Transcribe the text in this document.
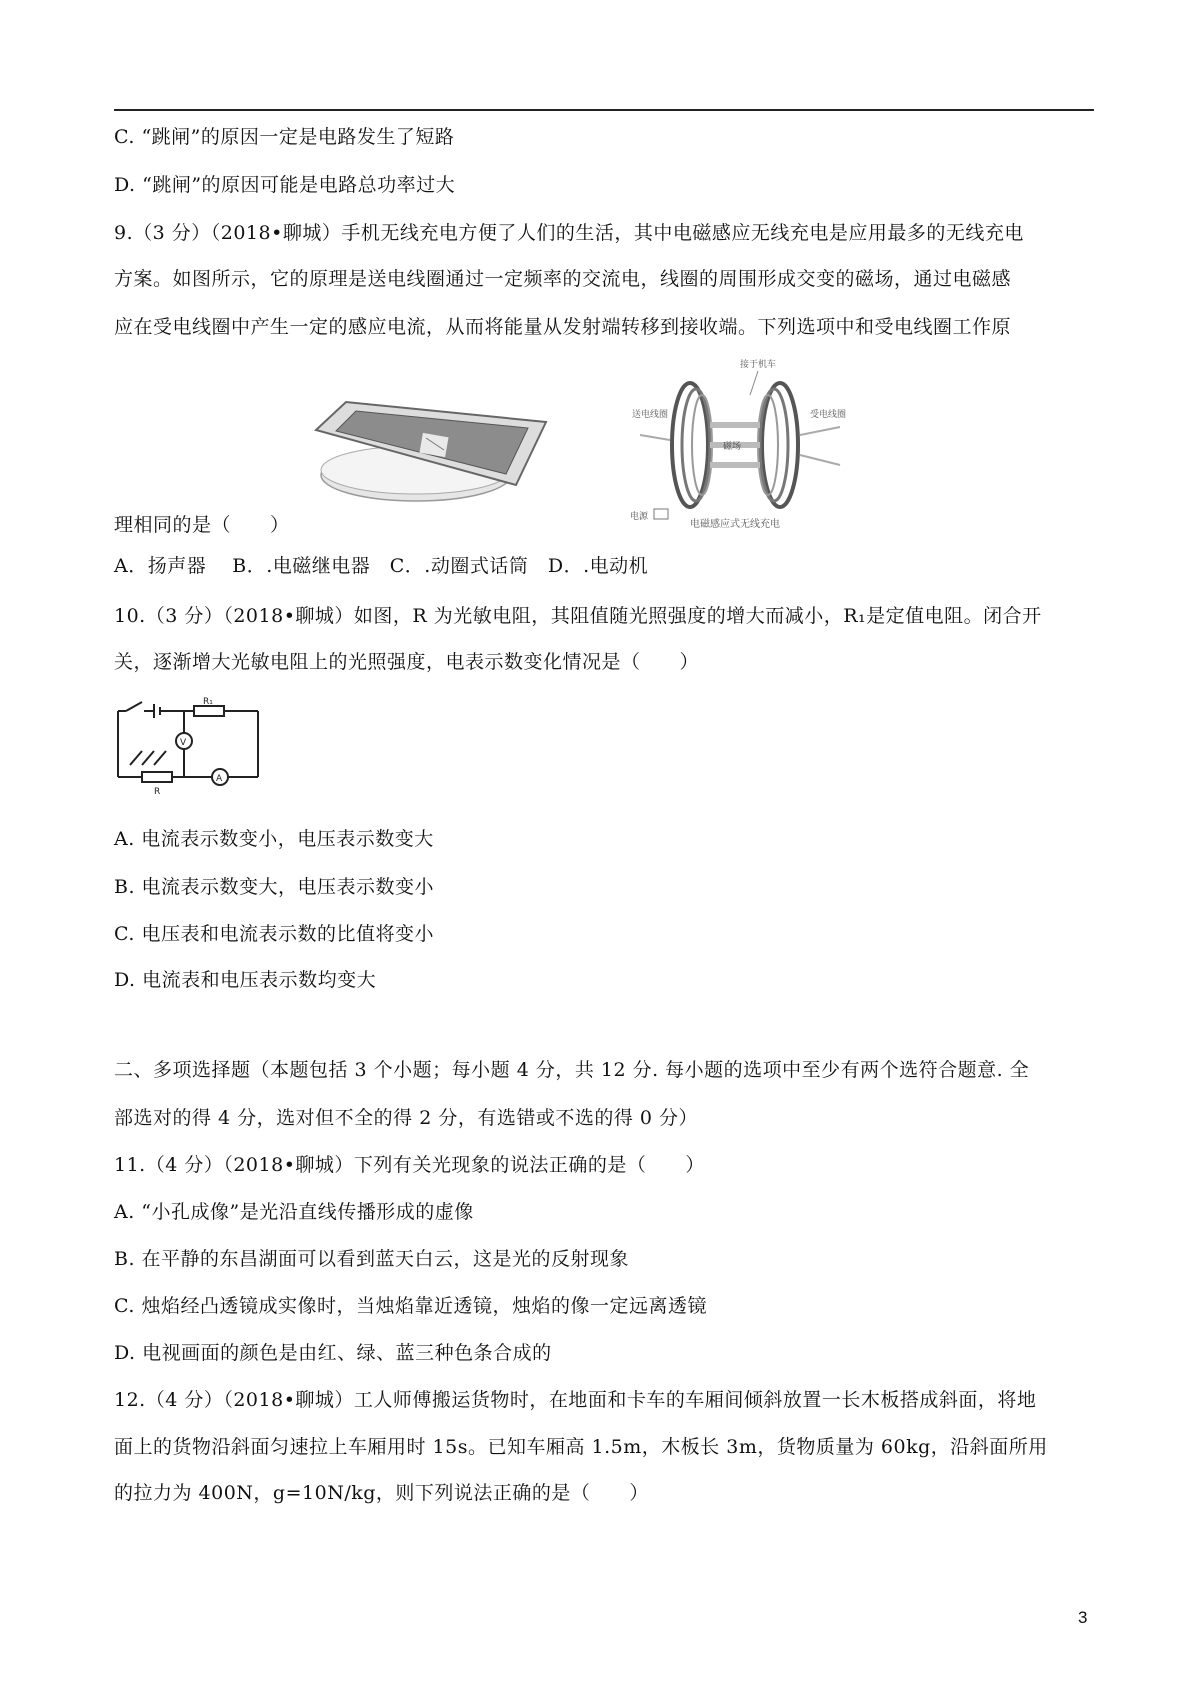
C. “跳闸”的原因一定是电路发生了短路
D. “跳闸”的原因可能是电路总功率过大
9.（3 分）（2018•聊城）手机无线充电方便了人们的生活，其中电磁感应无线充电是应用最多的无线充电
方案。如图所示，它的原理是送电线圈通过一定频率的交流电，线圈的周围形成交变的磁场，通过电磁感
应在受电线圈中产生一定的感应电流，从而将能量从发射端转移到接收端。下列选项中和受电线圈工作原
理相同的是（　　）
A．扬声器　 B．.电磁继电器　C．.动圈式话筒　D．.电动机
10.（3 分）（2018•聊城）如图，R 为光敏电阻，其阻值随光照强度的增大而减小，R₁是定值电阻。闭合开
关，逐渐增大光敏电阻上的光照强度，电表示数变化情况是（　　）
A. 电流表示数变小，电压表示数变大
B. 电流表示数变大，电压表示数变小
C. 电压表和电流表示数的比值将变小
D. 电流表和电压表示数均变大
二、多项选择题（本题包括 3 个小题；每小题 4 分，共 12 分. 每小题的选项中至少有两个选符合题意. 全
部选对的得 4 分，选对但不全的得 2 分，有选错或不选的得 0 分）
11.（4 分）（2018•聊城）下列有关光现象的说法正确的是（　　）
A. “小孔成像”是光沿直线传播形成的虚像
B. 在平静的东昌湖面可以看到蓝天白云，这是光的反射现象
C. 烛焰经凸透镜成实像时，当烛焰靠近透镜，烛焰的像一定远离透镜
D. 电视画面的颜色是由红、绿、蓝三种色条合成的
12.（4 分）（2018•聊城）工人师傅搬运货物时，在地面和卡车的车厢间倾斜放置一长木板搭成斜面，将地
面上的货物沿斜面匀速拉上车厢用时 15s。已知车厢高 1.5m，木板长 3m，货物质量为 60kg，沿斜面所用
的拉力为 400N，g=10N/kg，则下列说法正确的是（　　）
接于机车
送电线圈	受电线圈
磁场
电源
电磁感应式无线充电
R₁
R
V
A
3
